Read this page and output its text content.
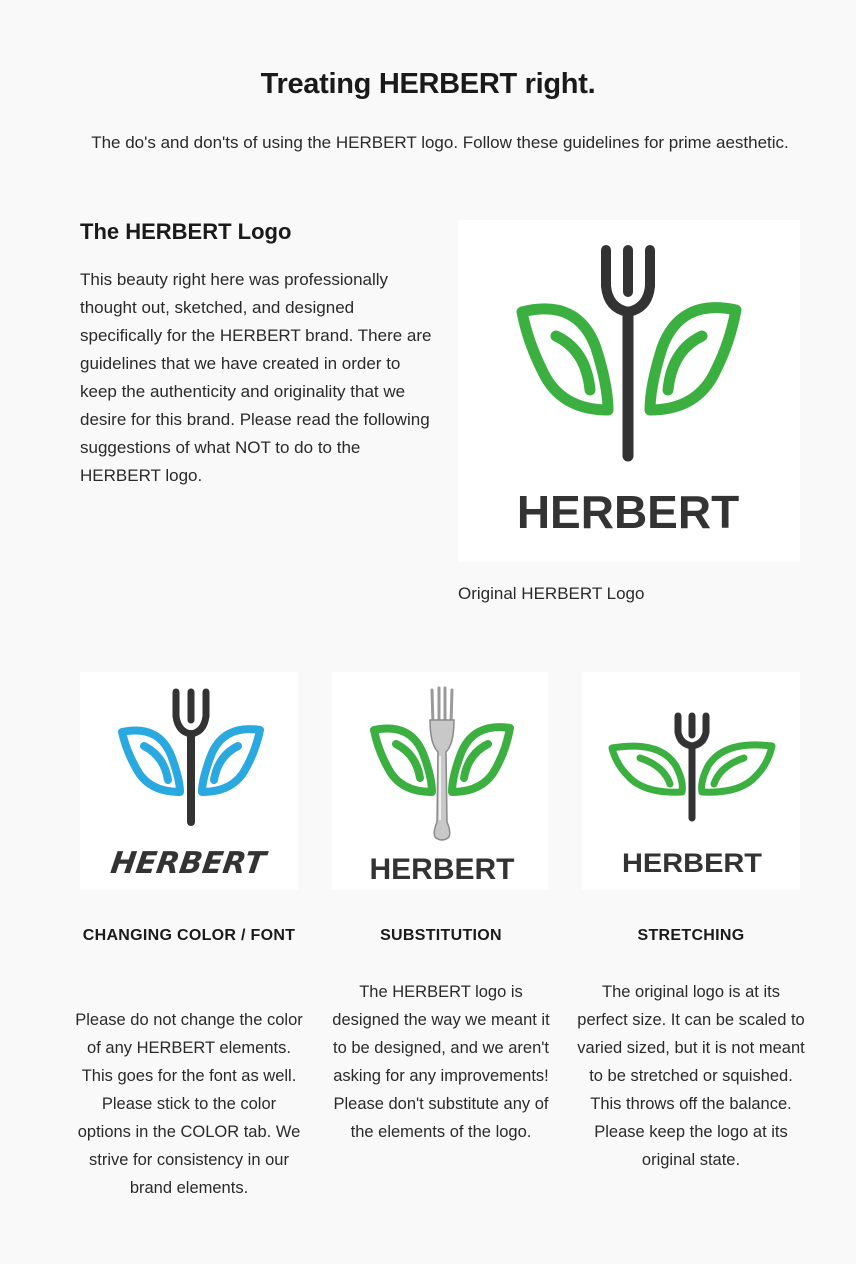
Treating HERBERT right.

The do's and don'ts of using the HERBERT logo. Follow these guidelines for prime aesthetic.

The HERBERT Logo

This beauty right here was professionally thought out, sketched, and designed specifically for the HERBERT brand. There are guidelines that we have created in order to keep the authenticity and originality that we desire for this brand. Please read the following suggestions of what NOT to do to the HERBERT logo.

HERBERT
Original HERBERT Logo
HERBERT
CHANGING COLOR / FONT

Please do not change the color of any HERBERT elements. This goes for the font as well. Please stick to the color options in the COLOR tab. We strive for consistency in our brand elements.

HERBERT
SUBSTITUTION

The HERBERT logo is designed the way we meant it to be designed, and we aren't asking for any improvements! Please don't substitute any of the elements of the logo.

HERBERT
STRETCHING

The original logo is at its perfect size. It can be scaled to varied sized, but it is not meant to be stretched or squished. This throws off the balance. Please keep the logo at its original state.
